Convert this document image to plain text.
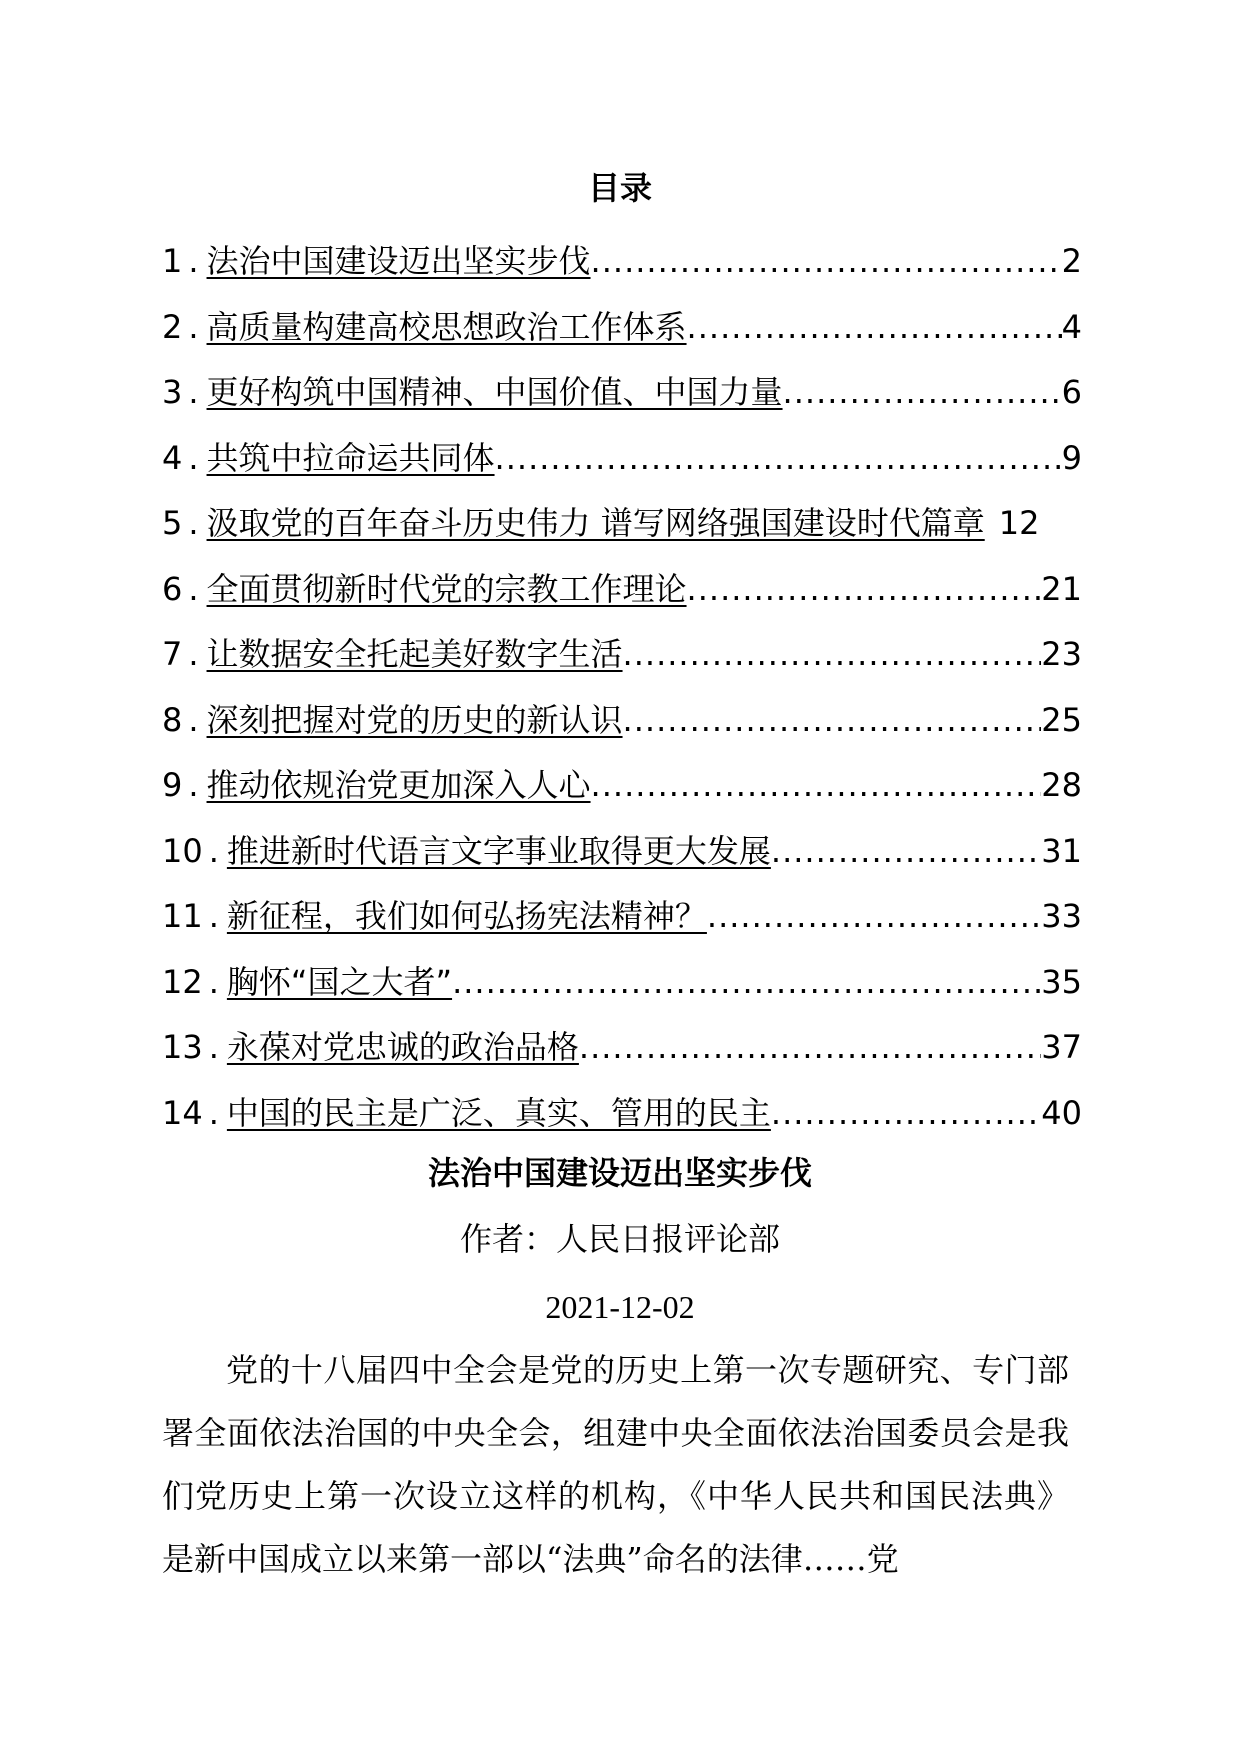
目录
1 . 法治中国建设迈出坚实步伐 .....	2
2 . 高质量构建高校思想政治工作体系 .....	4
3 . 更好构筑中国精神、中国价值、中国力量 .....	6
4 . 共筑中拉命运共同体 .....	9
5 . 汲取党的百年奋斗历史伟力 谱写网络强国建设时代篇章 12
6 . 全面贯彻新时代党的宗教工作理论 .....	21
7 . 让数据安全托起美好数字生活 .....	23
8 . 深刻把握对党的历史的新认识 .....	25
9 . 推动依规治党更加深入人心 .....	28
10 . 推进新时代语言文字事业取得更大发展 .....	31
11 . 新征程，我们如何弘扬宪法精神？ .....	33
12 . 胸怀“国之大者” .....	35
13 . 永葆对党忠诚的政治品格 .....	37
14 . 中国的民主是广泛、真实、管用的民主 .....	40
法治中国建设迈出坚实步伐
作者：人民日报评论部
2021-12-02

党的十八届四中全会是党的历史上第一次专题研究、专门部署全面依法治国的中央全会，组建中央全面依法治国委员会是我们党历史上第一次设立这样的机构，《中华人民共和国民法典》是新中国成立以来第一部以“法典”命名的法律……党
